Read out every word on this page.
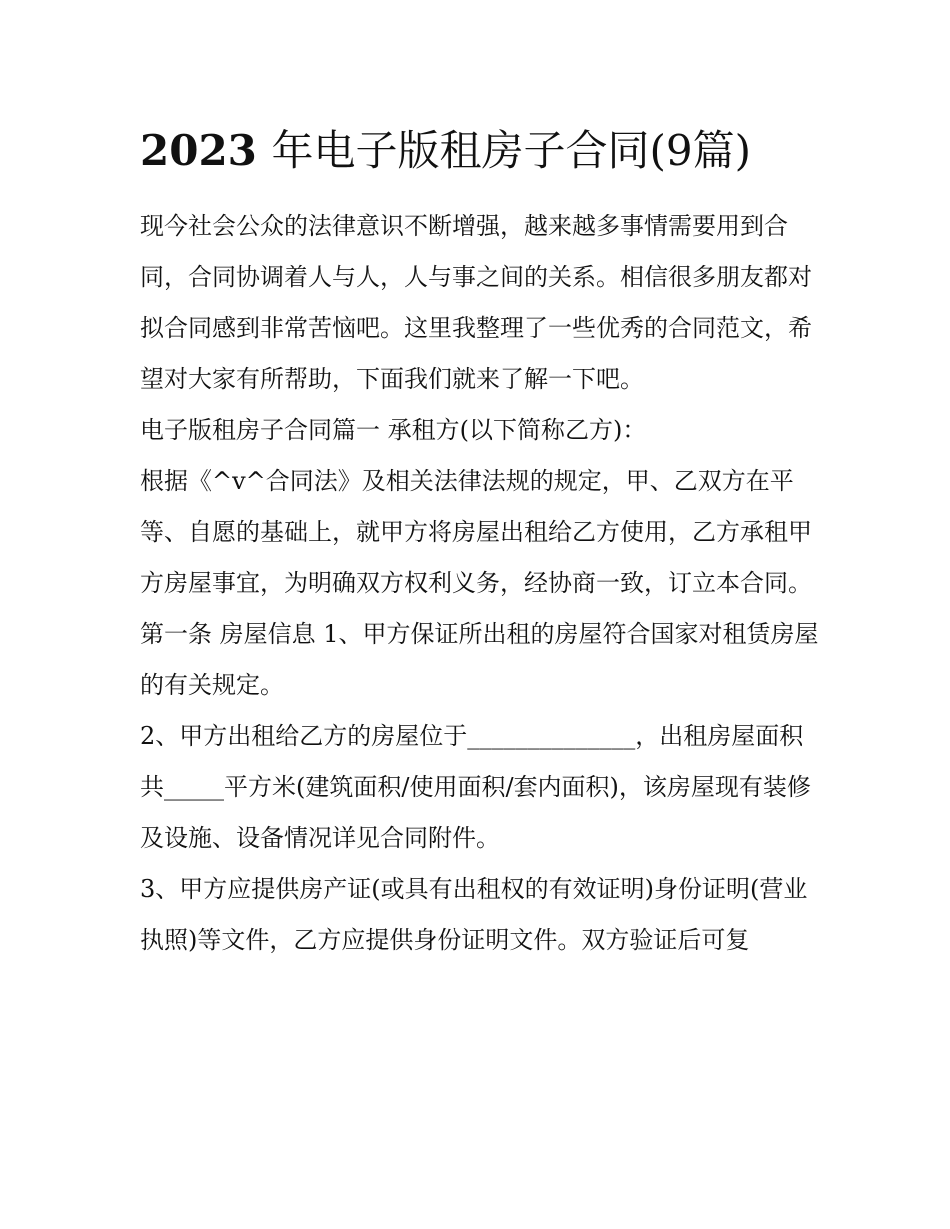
2023 年电子版租房子合同(9篇)

现今社会公众的法律意识不断增强，越来越多事情需要用到合同，合同协调着人与人，人与事之间的关系。相信很多朋友都对拟合同感到非常苦恼吧。这里我整理了一些优秀的合同范文，希望对大家有所帮助，下面我们就来了解一下吧。

电子版租房子合同篇一 承租方(以下简称乙方)：

根据《^v^合同法》及相关法律法规的规定，甲、乙双方在平等、自愿的基础上，就甲方将房屋出租给乙方使用，乙方承租甲方房屋事宜，为明确双方权利义务，经协商一致，订立本合同。

第一条 房屋信息 1、甲方保证所出租的房屋符合国家对租赁房屋的有关规定。

2、甲方出租给乙方的房屋位于______________，出租房屋面积共_____平方米(建筑面积/使用面积/套内面积)，该房屋现有装修及设施、设备情况详见合同附件。

3、甲方应提供房产证(或具有出租权的有效证明)身份证明(营业执照)等文件，乙方应提供身份证明文件。双方验证后可复
